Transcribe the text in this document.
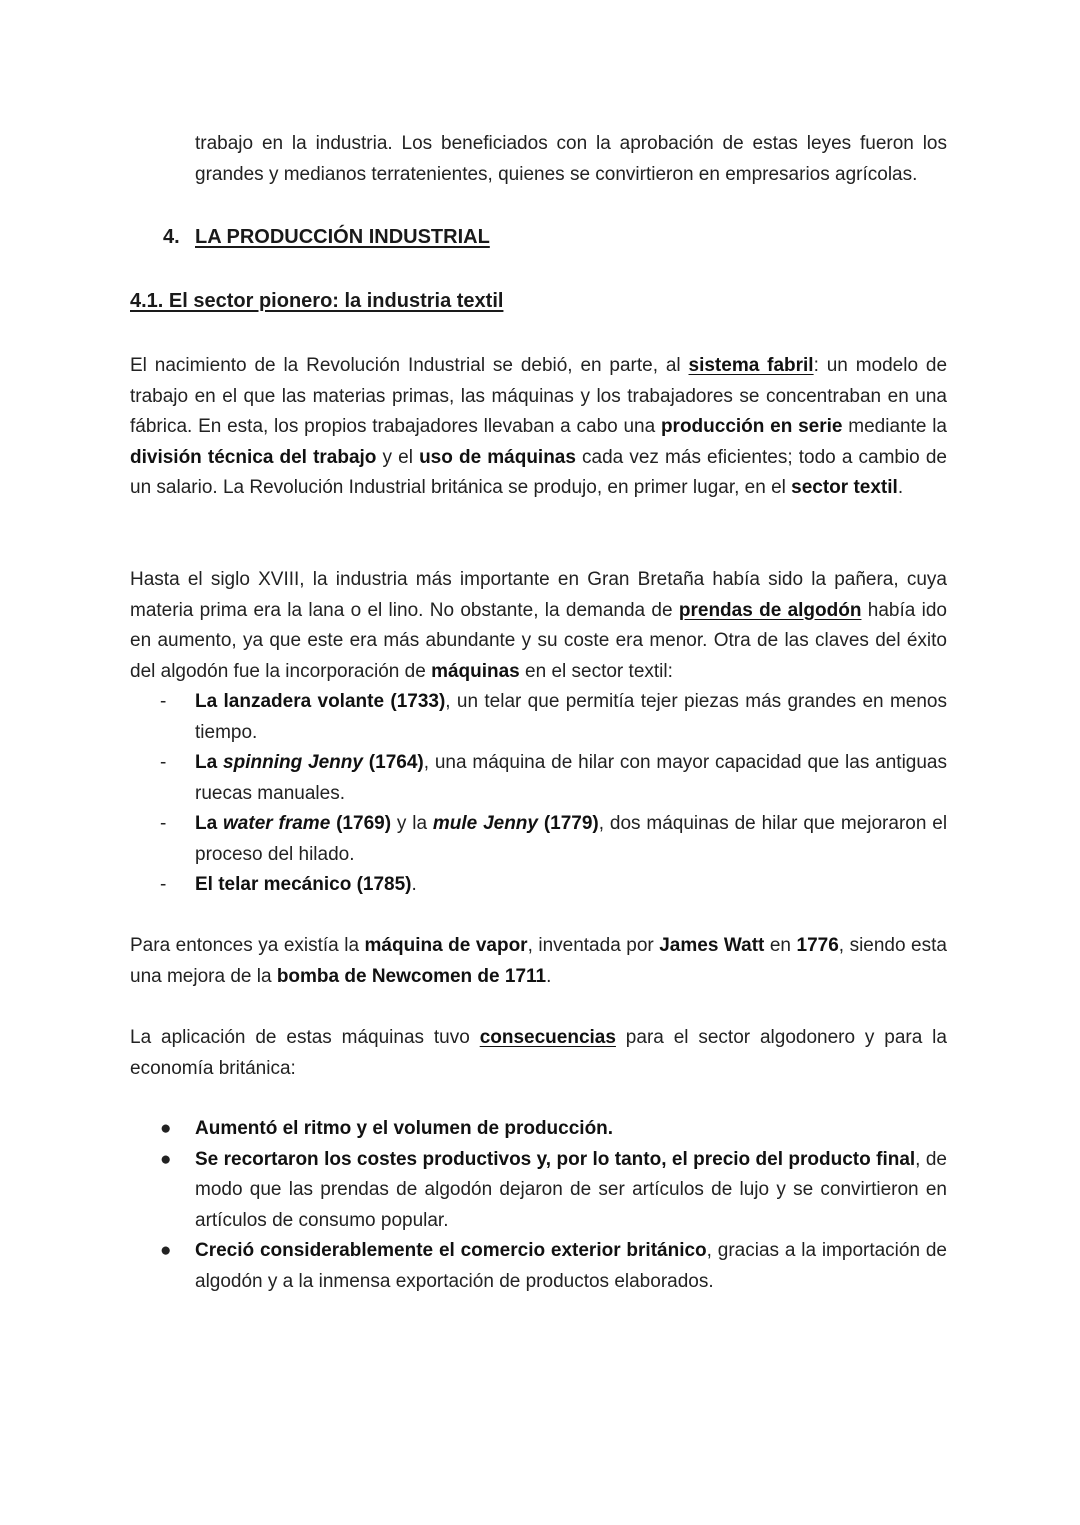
trabajo en la industria. Los beneficiados con la aprobación de estas leyes fueron los grandes y medianos terratenientes, quienes se convirtieron en empresarios agrícolas.

4. LA PRODUCCIÓN INDUSTRIAL
4.1. El sector pionero: la industria textil

El nacimiento de la Revolución Industrial se debió, en parte, al sistema fabril: un modelo de trabajo en el que las materias primas, las máquinas y los trabajadores se concentraban en una fábrica. En esta, los propios trabajadores llevaban a cabo una producción en serie mediante la división técnica del trabajo y el uso de máquinas cada vez más eficientes; todo a cambio de un salario. La Revolución Industrial británica se produjo, en primer lugar, en el sector textil.

Hasta el siglo XVIII, la industria más importante en Gran Bretaña había sido la pañera, cuya materia prima era la lana o el lino. No obstante, la demanda de prendas de algodón había ido en aumento, ya que este era más abundante y su coste era menor. Otra de las claves del éxito del algodón fue la incorporación de máquinas en el sector textil:

- La lanzadera volante (1733), un telar que permitía tejer piezas más grandes en menos tiempo.
- La spinning Jenny (1764), una máquina de hilar con mayor capacidad que las antiguas ruecas manuales.
- La water frame (1769) y la mule Jenny (1779), dos máquinas de hilar que mejoraron el proceso del hilado.
- El telar mecánico (1785).

Para entonces ya existía la máquina de vapor, inventada por James Watt en 1776, siendo esta una mejora de la bomba de Newcomen de 1711.

La aplicación de estas máquinas tuvo consecuencias para el sector algodonero y para la economía británica:

● Aumentó el ritmo y el volumen de producción.
● Se recortaron los costes productivos y, por lo tanto, el precio del producto final, de modo que las prendas de algodón dejaron de ser artículos de lujo y se convirtieron en artículos de consumo popular.
● Creció considerablemente el comercio exterior británico, gracias a la importación de algodón y a la inmensa exportación de productos elaborados.
